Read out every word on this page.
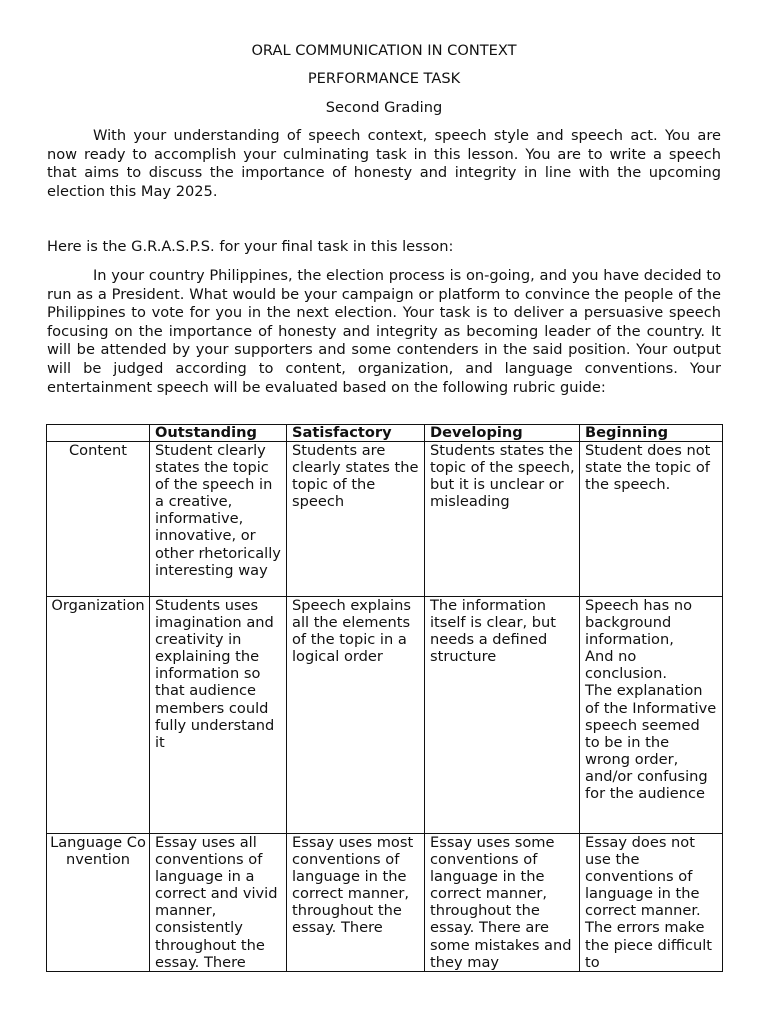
ORAL COMMUNICATION IN CONTEXT
PERFORMANCE TASK
Second Grading

With your understanding of speech context, speech style and speech act. You are now ready to accomplish your culminating task in this lesson. You are to write a speech that aims to discuss the importance of honesty and integrity in line with the upcoming election this May 2025.

Here is the G.R.A.S.P.S. for your final task in this lesson:

In your country Philippines, the election process is on-going, and you have decided to run as a President. What would be your campaign or platform to convince the people of the Philippines to vote for you in the next election. Your task is to deliver a persuasive speech focusing on the importance of honesty and integrity as becoming leader of the country. It will be attended by your supporters and some contenders in the said position. Your output will be judged according to content, organization, and language conventions. Your entertainment speech will be evaluated based on the following rubric guide:

	Outstanding	Satisfactory	Developing	Beginning
Content	Student clearly states the topic of the speech in a creative, informative, innovative, or other rhetorically interesting way	Students are clearly states the topic of the speech	Students states the topic of the speech, but it is unclear or misleading	Student does not state the topic of the speech.
Organization	Students uses imagination and creativity in explaining the information so that audience members could fully understand it	Speech explains all the elements of the topic in a logical order	The information itself is clear, but needs a defined structure	Speech has no background information,
And no conclusion.
The explanation of the Informative speech seemed to be in the wrong order, and/or confusing for the audience

Language Convention	Essay uses all conventions of language in a correct and vivid manner, consistently throughout the essay. There	Essay uses most conventions of language in the correct manner, throughout the essay. There	Essay uses some conventions of language in the correct manner, throughout the essay. There are some mistakes and they may	Essay does not use the conventions of language in the correct manner. The errors make the piece difficult to
